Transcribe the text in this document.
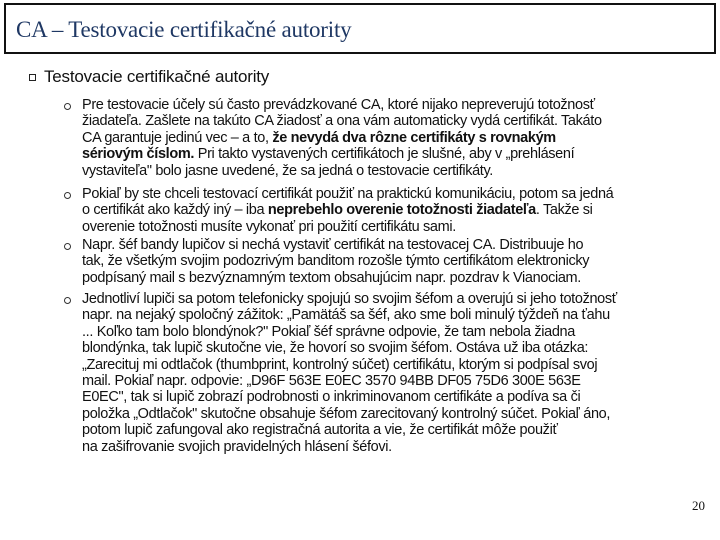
CA – Testovacie certifikačné autority
Testovacie certifikačné autority
Pre testovacie účely sú často prevádzkované CA, ktoré nijako nepreverujú totožnosť
žiadateľa. Zašlete na takúto CA žiadosť a ona vám automaticky vydá certifikát. Takáto
CA garantuje jedinú vec – a to, že nevydá dva rôzne certifikáty s rovnakým
sériovým číslom. Pri takto vystavených certifikátoch je slušné, aby v „prehlásení
vystaviteľa" bolo jasne uvedené, že sa jedná o testovacie certifikáty.
Pokiaľ by ste chceli testovací certifikát použiť na praktickú komunikáciu, potom sa jedná
o certifikát ako každý iný – iba neprebehlo overenie totožnosti žiadateľa. Takže si
overenie totožnosti musíte vykonať pri použití certifikátu sami.
Napr. šéf bandy lupičov si nechá vystaviť certifikát na testovacej CA. Distribuuje ho
tak, že všetkým svojim podozrivým banditom rozošle týmto certifikátom elektronicky
podpísaný mail s bezvýznamným textom obsahujúcim napr. pozdrav k Vianociam.
Jednotliví lupiči sa potom telefonicky spojujú so svojim šéfom a overujú si jeho totožnosť
napr. na nejaký spoločný zážitok: „Pamätáš sa šéf, ako sme boli minulý týždeň na ťahu
... Koľko tam bolo blondýnok?" Pokiaľ šéf správne odpovie, že tam nebola žiadna
blondýnka, tak lupič skutočne vie, že hovorí so svojim šéfom. Ostáva už iba otázka:
„Zarecituj mi odtlačok (thumbprint, kontrolný súčet) certifikátu, ktorým si podpísal svoj
mail. Pokiaľ napr. odpovie: „D96F 563E E0EC 3570 94BB DF05 75D6 300E 563E
E0EC", tak si lupič zobrazí podrobnosti o inkriminovanom certifikáte a podíva sa či
položka „Odtlačok" skutočne obsahuje šéfom zarecitovaný kontrolný súčet. Pokiaľ áno,
potom lupič zafungoval ako registračná autorita a vie, že certifikát môže použiť
na zašifrovanie svojich pravidelných hlásení šéfovi.
20
